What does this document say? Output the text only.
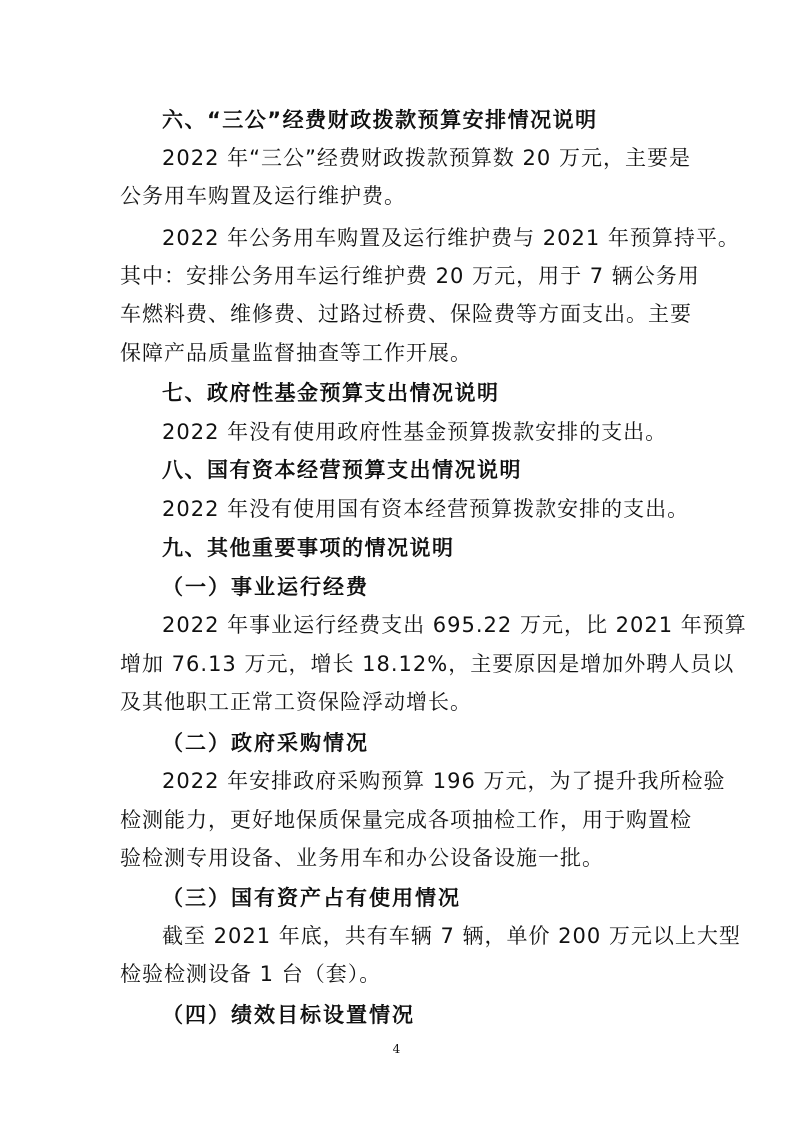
六、“三公”经费财政拨款预算安排情况说明
2022 年“三公”经费财政拨款预算数 20 万元，主要是
公务用车购置及运行维护费。
2022 年公务用车购置及运行维护费与 2021 年预算持平。
其中：安排公务用车运行维护费 20 万元，用于 7 辆公务用
车燃料费、维修费、过路过桥费、保险费等方面支出。主要
保障产品质量监督抽查等工作开展。
七、政府性基金预算支出情况说明
2022 年没有使用政府性基金预算拨款安排的支出。
八、国有资本经营预算支出情况说明
2022 年没有使用国有资本经营预算拨款安排的支出。
九、其他重要事项的情况说明
（一）事业运行经费
2022 年事业运行经费支出 695.22 万元，比 2021 年预算
增加 76.13 万元，增长 18.12%，主要原因是增加外聘人员以
及其他职工正常工资保险浮动增长。
（二）政府采购情况
2022 年安排政府采购预算 196 万元，为了提升我所检验
检测能力，更好地保质保量完成各项抽检工作，用于购置检
验检测专用设备、业务用车和办公设备设施一批。
（三）国有资产占有使用情况
截至 2021 年底，共有车辆 7 辆，单价 200 万元以上大型
检验检测设备 1 台（套）。
（四）绩效目标设置情况
4
